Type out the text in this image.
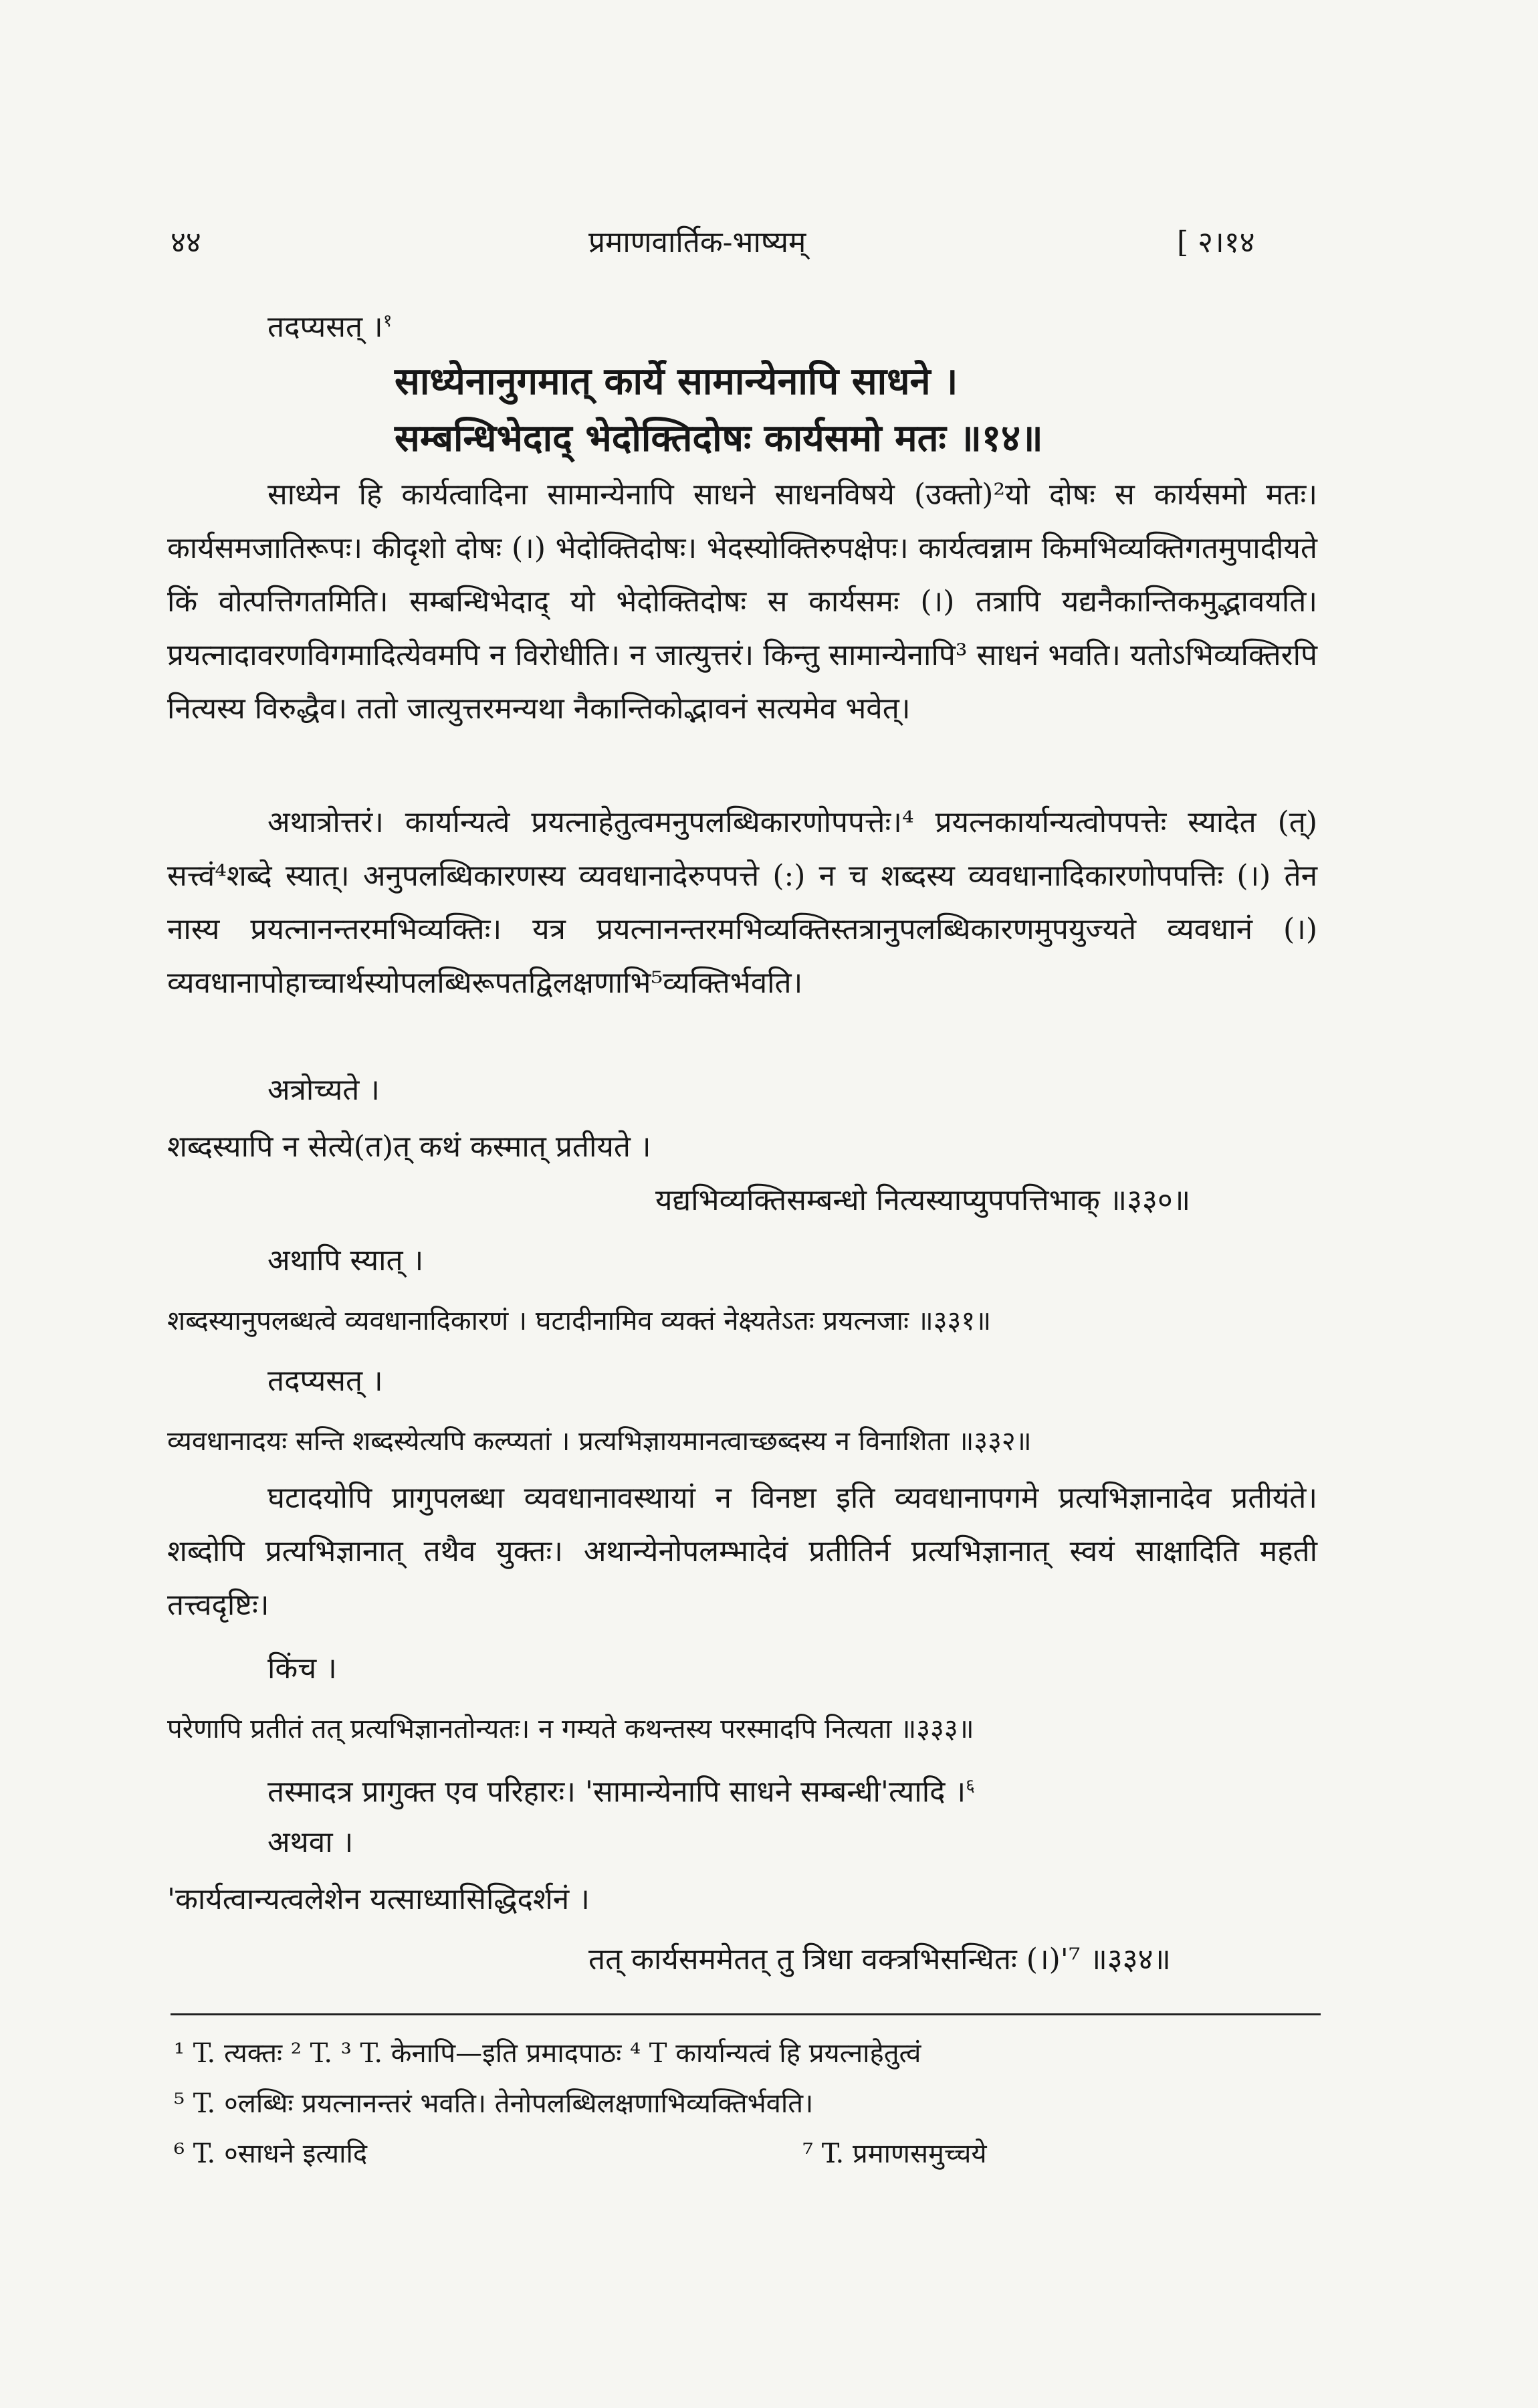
४४	प्रमाणवार्तिक-भाष्यम्	[ २।१४
तदप्यसत् ।$^१$
साध्येनानुगमात् कार्ये सामान्येनापि साधने ।
सम्बन्धिभेदाद् भेदोक्तिदोषः कार्यसमो मतः ॥१४॥
साध्येन हि कार्यत्वादिना सामान्येनापि साधने साधनविषये (उक्तो)²यो दोषः स कार्यसमो मतः। कार्यसमजातिरूपः। कीदृशो दोषः (।) भेदोक्तिदोषः। भेदस्योक्तिरुपक्षेपः। कार्यत्वन्नाम किमभिव्यक्तिगतमुपादीयते किं वोत्पत्तिगतमिति। सम्बन्धिभेदाद् यो भेदोक्तिदोषः स कार्यसमः (।) तत्रापि यद्यनैकान्तिकमुद्भावयति। प्रयत्नादावरणविगमादित्येवमपि न विरोधीति। न जात्युत्तरं। किन्तु सामान्येनापि³ साधनं भवति। यतोऽभिव्यक्तिरपि नित्यस्य विरुद्धैव। ततो जात्युत्तरमन्यथा नैकान्तिकोद्भावनं सत्यमेव भवेत्।
अथात्रोत्तरं। कार्यान्यत्वे प्रयत्नाहेतुत्वमनुपलब्धिकारणोपपत्तेः।⁴ प्रयत्नकार्यान्यत्वोपपत्तेः स्यादेत (त्) सत्त्वं⁴शब्दे स्यात्। अनुपलब्धिकारणस्य व्यवधानादेरुपपत्ते (:) न च शब्दस्य व्यवधानादिकारणोपपत्तिः (।) तेन नास्य प्रयत्नानन्तरमभिव्यक्तिः। यत्र प्रयत्नानन्तरमभिव्यक्तिस्तत्रानुपलब्धिकारणमुपयुज्यते व्यवधानं (।) व्यवधानापोहाच्चार्थस्योपलब्धिरूपतद्विलक्षणाभि⁵व्यक्तिर्भवति।
अत्रोच्यते ।
शब्दस्यापि न सेत्ये(त)त् कथं कस्मात् प्रतीयते ।
यद्यभिव्यक्तिसम्बन्धो नित्यस्याप्युपपत्तिभाक् ॥३३०॥
अथापि स्यात् ।
शब्दस्यानुपलब्धत्वे व्यवधानादिकारणं । घटादीनामिव व्यक्तं नेक्ष्यतेऽतः प्रयत्नजाः ॥३३१॥
तदप्यसत् ।
व्यवधानादयः सन्ति शब्दस्येत्यपि कल्प्यतां । प्रत्यभिज्ञायमानत्वाच्छब्दस्य न विनाशिता ॥३३२॥
घटादयोपि प्रागुपलब्धा व्यवधानावस्थायां न विनष्टा इति व्यवधानापगमे प्रत्यभिज्ञानादेव प्रतीयंते। शब्दोपि प्रत्यभिज्ञानात् तथैव युक्तः। अथान्येनोपलम्भादेवं प्रतीतिर्न प्रत्यभिज्ञानात् स्वयं साक्षादिति महती तत्त्वदृष्टिः।
किंच ।
परेणापि प्रतीतं तत् प्रत्यभिज्ञानतोन्यतः। न गम्यते कथन्तस्य परस्मादपि नित्यता ॥३३३॥
तस्मादत्र प्रागुक्त एव परिहारः। 'सामान्येनापि साधने सम्बन्धी'त्यादि ।$^६$
अथवा ।
'कार्यत्वान्यत्वलेशेन यत्साध्यासिद्धिदर्शनं ।
तत् कार्यसममेतत् तु त्रिधा वक्त्रभिसन्धितः (।)'⁷ ॥३३४॥
¹ T. त्यक्तः ² T. ³ T. केनापि—इति प्रमादपाठः ⁴ T कार्यान्यत्वं हि प्रयत्नाहेतुत्वं
⁵ T. ०लब्धिः प्रयत्नानन्तरं भवति। तेनोपलब्धिलक्षणाभिव्यक्तिर्भवति।
⁶ T. ०साधने इत्यादि	⁷ T. प्रमाणसमुच्चये
